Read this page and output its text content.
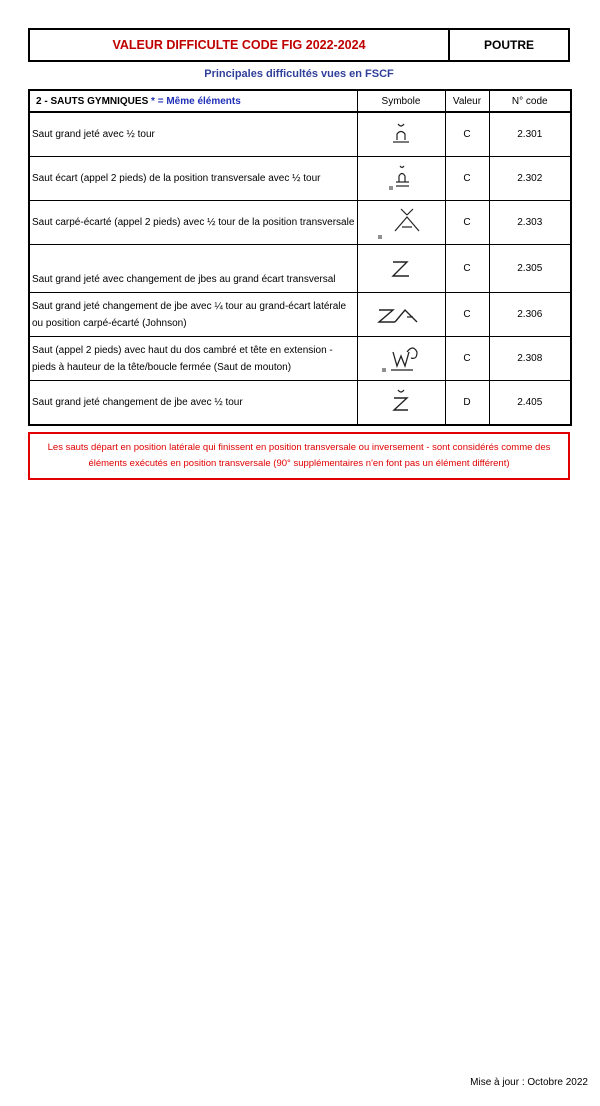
VALEUR DIFFICULTE CODE FIG 2022-2024	POUTRE
Principales difficultés vues en FSCF
2 - SAUTS GYMNIQUES * = Même éléments	Symbole	Valeur	N° code
Saut grand jeté avec ½ tour		C	2.301
Saut écart (appel 2 pieds) de la position transversale avec ½ tour		C	2.302
Saut carpé-écarté (appel 2 pieds) avec ½ tour de la position transversale		C	2.303
Saut grand jeté avec changement de jbes au grand écart transversal		C	2.305
Saut grand jeté changement de jbe avec ¼ tour au grand-écart latérale ou position carpé-écarté (Johnson)		C	2.306
Saut (appel 2 pieds) avec haut du dos cambré et tête en extension - pieds à hauteur de la tête/boucle fermée (Saut de mouton)		C	2.308
Saut grand jeté changement de jbe avec ½ tour		D	2.405
Les sauts départ en position latérale qui finissent en position transversale ou inversement - sont considérés comme des éléments exécutés en position transversale (90° supplémentaires n'en font pas un élément différent)
Mise à jour : Octobre 2022
